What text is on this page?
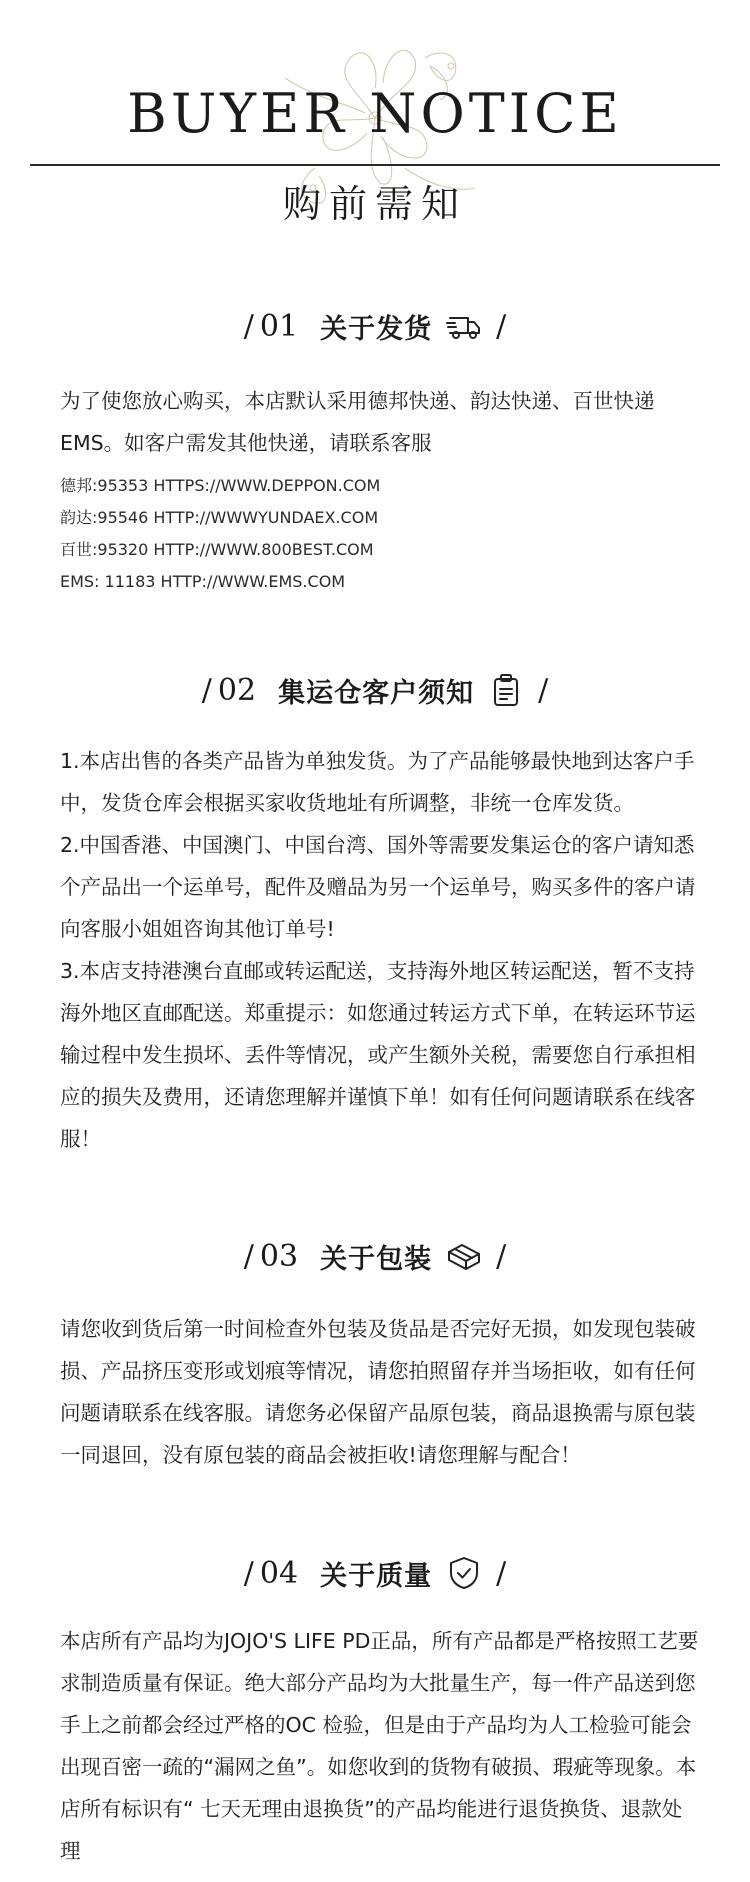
BUYER NOTICE
购前需知
/ 01 关于发货 /

为了使您放心购买，本店默认采用德邦快递、韵达快递、百世快递EMS。如客户需发其他快递，请联系客服

德邦:95353 HTTPS://WWW.DEPPON.COM
韵达:95546 HTTP://WWWYUNDAEX.COM
百世:95320 HTTP://WWW.800BEST.COM
EMS: 11183 HTTP://WWW.EMS.COM
/ 02 集运仓客户须知 /

1.本店出售的各类产品皆为单独发货。为了产品能够最快地到达客户手中，发货仓库会根据买家收货地址有所调整，非统一仓库发货。

2.中国香港、中国澳门、中国台湾、国外等需要发集运仓的客户请知悉个产品出一个运单号，配件及赠品为另一个运单号，购买多件的客户请向客服小姐姐咨询其他订单号!

3.本店支持港澳台直邮或转运配送，支持海外地区转运配送，暂不支持海外地区直邮配送。郑重提示：如您通过转运方式下单，在转运环节运输过程中发生损坏、丢件等情况，或产生额外关税，需要您自行承担相应的损失及费用，还请您理解并谨慎下单！如有任何问题请联系在线客服！

/ 03 关于包装 /

请您收到货后第一时间检查外包装及货品是否完好无损，如发现包装破损、产品挤压变形或划痕等情况，请您拍照留存并当场拒收，如有任何问题请联系在线客服。请您务必保留产品原包装，商品退换需与原包装一同退回，没有原包装的商品会被拒收!请您理解与配合！

/ 04 关于质量 /

本店所有产品均为JOJO'S LIFE PD正品，所有产品都是严格按照工艺要求制造质量有保证。绝大部分产品均为大批量生产，每一件产品送到您手上之前都会经过严格的OC 检验，但是由于产品均为人工检验可能会出现百密一疏的“漏网之鱼”。如您收到的货物有破损、瑕疵等现象。本店所有标识有“ 七天无理由退换货”的产品均能进行退货换货、退款处理
